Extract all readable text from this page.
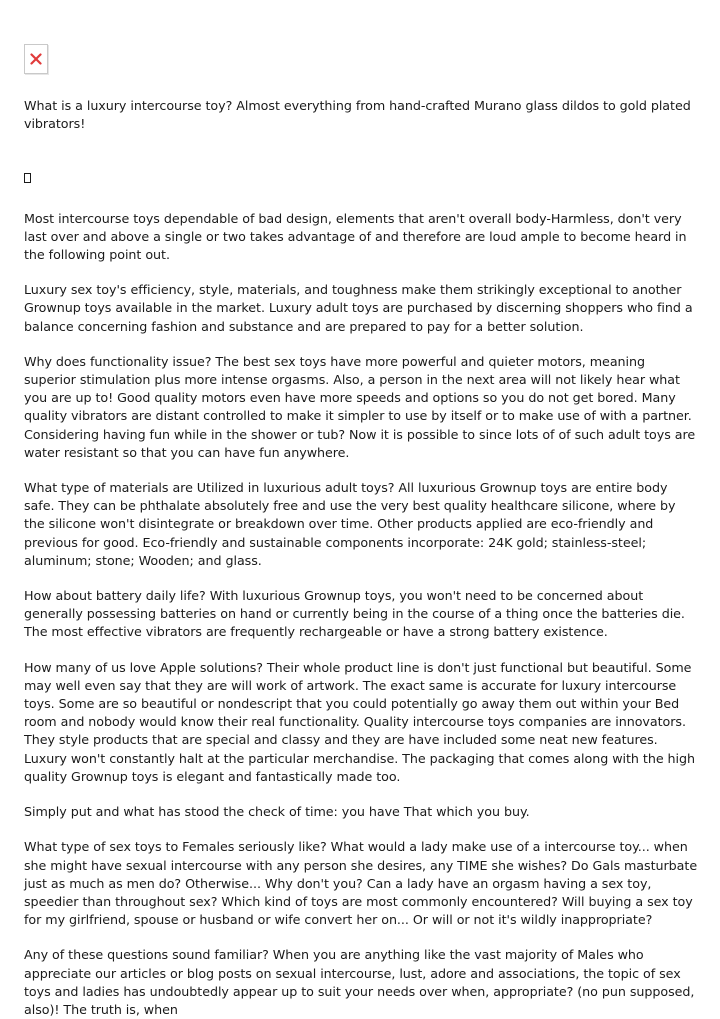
What is a luxury intercourse toy? Almost everything from hand-crafted Murano glass dildos to gold plated vibrators!

Most intercourse toys dependable of bad design, elements that aren't overall body-Harmless, don't very last over and above a single or two takes advantage of and therefore are loud ample to become heard in the following point out.

Luxury sex toy's efficiency, style, materials, and toughness make them strikingly exceptional to another Grownup toys available in the market. Luxury adult toys are purchased by discerning shoppers who find a balance concerning fashion and substance and are prepared to pay for a better solution.

Why does functionality issue? The best sex toys have more powerful and quieter motors, meaning superior stimulation plus more intense orgasms. Also, a person in the next area will not likely hear what you are up to! Good quality motors even have more speeds and options so you do not get bored. Many quality vibrators are distant controlled to make it simpler to use by itself or to make use of with a partner. Considering having fun while in the shower or tub? Now it is possible to since lots of of such adult toys are water resistant so that you can have fun anywhere.

What type of materials are Utilized in luxurious adult toys? All luxurious Grownup toys are entire body safe. They can be phthalate absolutely free and use the very best quality healthcare silicone, where by the silicone won't disintegrate or breakdown over time. Other products applied are eco-friendly and previous for good. Eco-friendly and sustainable components incorporate: 24K gold; stainless-steel; aluminum; stone; Wooden; and glass.

How about battery daily life? With luxurious Grownup toys, you won't need to be concerned about generally possessing batteries on hand or currently being in the course of a thing once the batteries die. The most effective vibrators are frequently rechargeable or have a strong battery existence.

How many of us love Apple solutions? Their whole product line is don't just functional but beautiful. Some may well even say that they are will work of artwork. The exact same is accurate for luxury intercourse toys. Some are so beautiful or nondescript that you could potentially go away them out within your Bed room and nobody would know their real functionality. Quality intercourse toys companies are innovators. They style products that are special and classy and they are have included some neat new features. Luxury won't constantly halt at the particular merchandise. The packaging that comes along with the high quality Grownup toys is elegant and fantastically made too.

Simply put and what has stood the check of time: you have That which you buy.

What type of sex toys to Females seriously like? What would a lady make use of a intercourse toy... when she might have sexual intercourse with any person she desires, any TIME she wishes? Do Gals masturbate just as much as men do? Otherwise... Why don't you? Can a lady have an orgasm having a sex toy, speedier than throughout sex? Which kind of toys are most commonly encountered? Will buying a sex toy for my girlfriend, spouse or husband or wife convert her on... Or will or not it's wildly inappropriate?

Any of these questions sound familiar? When you are anything like the vast majority of Males who appreciate our articles or blog posts on sexual intercourse, lust, adore and associations, the topic of sex toys and ladies has undoubtedly appear up to suit your needs over when, appropriate? (no pun supposed, also)! The truth is, when
